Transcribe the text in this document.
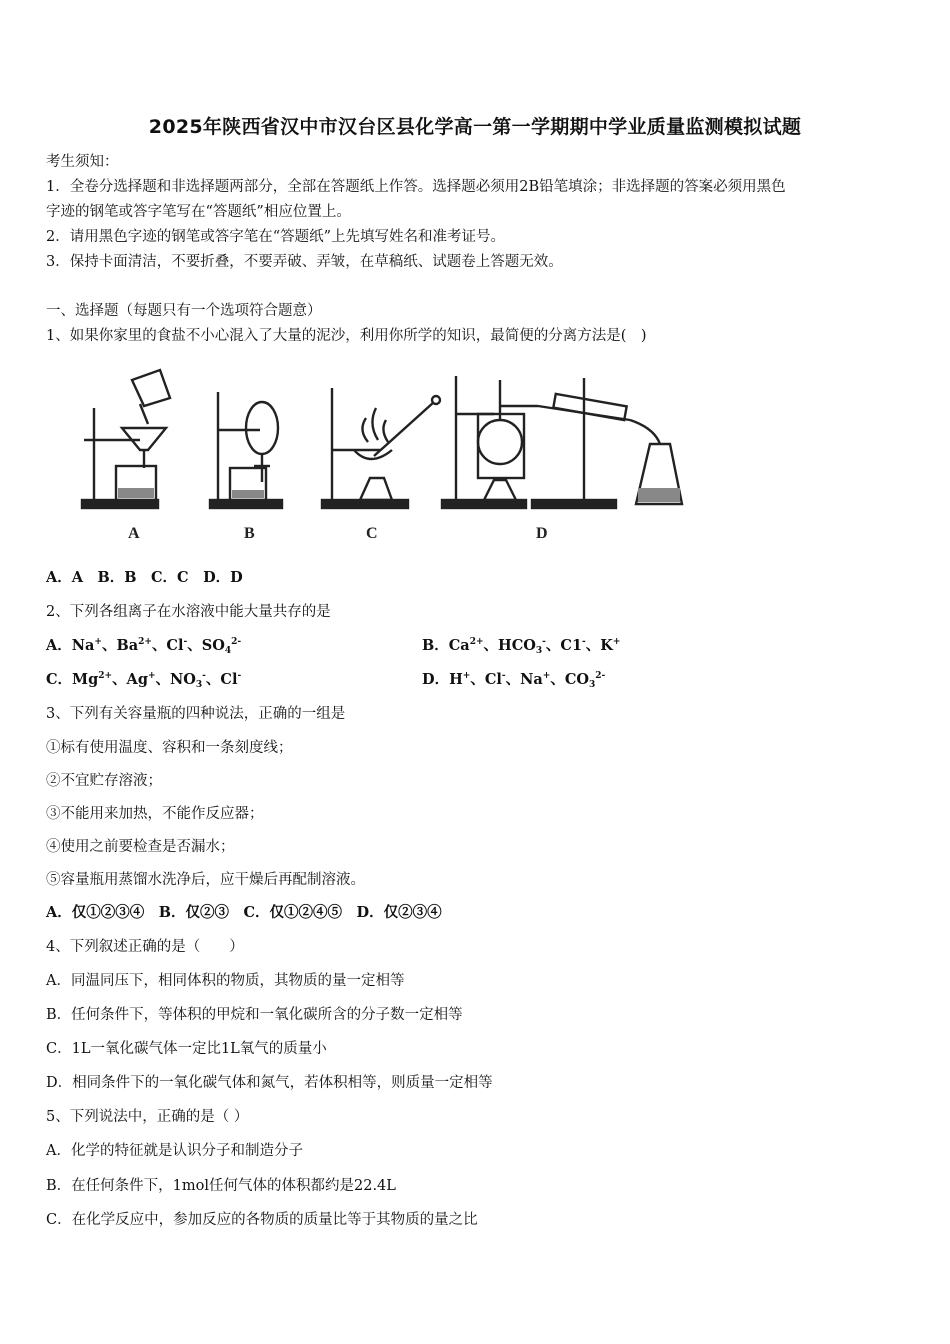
2025年陕西省汉中市汉台区县化学高一第一学期期中学业质量监测模拟试题
考生须知：
1．全卷分选择题和非选择题两部分，全部在答题纸上作答。选择题必须用2B铅笔填涂；非选择题的答案必须用黑色
字迹的钢笔或答字笔写在“答题纸”相应位置上。
2．请用黑色字迹的钢笔或答字笔在“答题纸”上先填写姓名和准考证号。
3．保持卡面清洁，不要折叠，不要弄破、弄皱，在草稿纸、试题卷上答题无效。
一、选择题（每题只有一个选项符合题意）
1、如果你家里的食盐不小心混入了大量的泥沙，利用你所学的知识，最简便的分离方法是(　)
A	B	C	D
A．A　B．B　C．C　D．D
2、下列各组离子在水溶液中能大量共存的是
A．Na+、$Ba^{2+}$、Cl-、$SO_4^{2-}$	B．$Ca^{2+}$、$HCO_3^-$、C1-、K+
C．$Mg^{2+}$、Ag+、$NO_3^-$、Cl-	D．H+、Cl-、Na+、$CO_3^{2-}$
3、下列有关容量瓶的四种说法，正确的一组是
①标有使用温度、容积和一条刻度线；
②不宜贮存溶液；
③不能用来加热，不能作反应器；
④使用之前要检查是否漏水；
⑤容量瓶用蒸馏水洗净后，应干燥后再配制溶液。
A．仅①②③④　B．仅②③　C．仅①②④⑤　D．仅②③④
4、下列叙述正确的是（　　）
A．同温同压下，相同体积的物质，其物质的量一定相等
B．任何条件下，等体积的甲烷和一氧化碳所含的分子数一定相等
C．1L一氧化碳气体一定比1L氧气的质量小
D．相同条件下的一氧化碳气体和氮气，若体积相等，则质量一定相等
5、下列说法中，正确的是（ ）
A．化学的特征就是认识分子和制造分子
B．在任何条件下，1mol任何气体的体积都约是22.4L
C．在化学反应中，参加反应的各物质的质量比等于其物质的量之比
